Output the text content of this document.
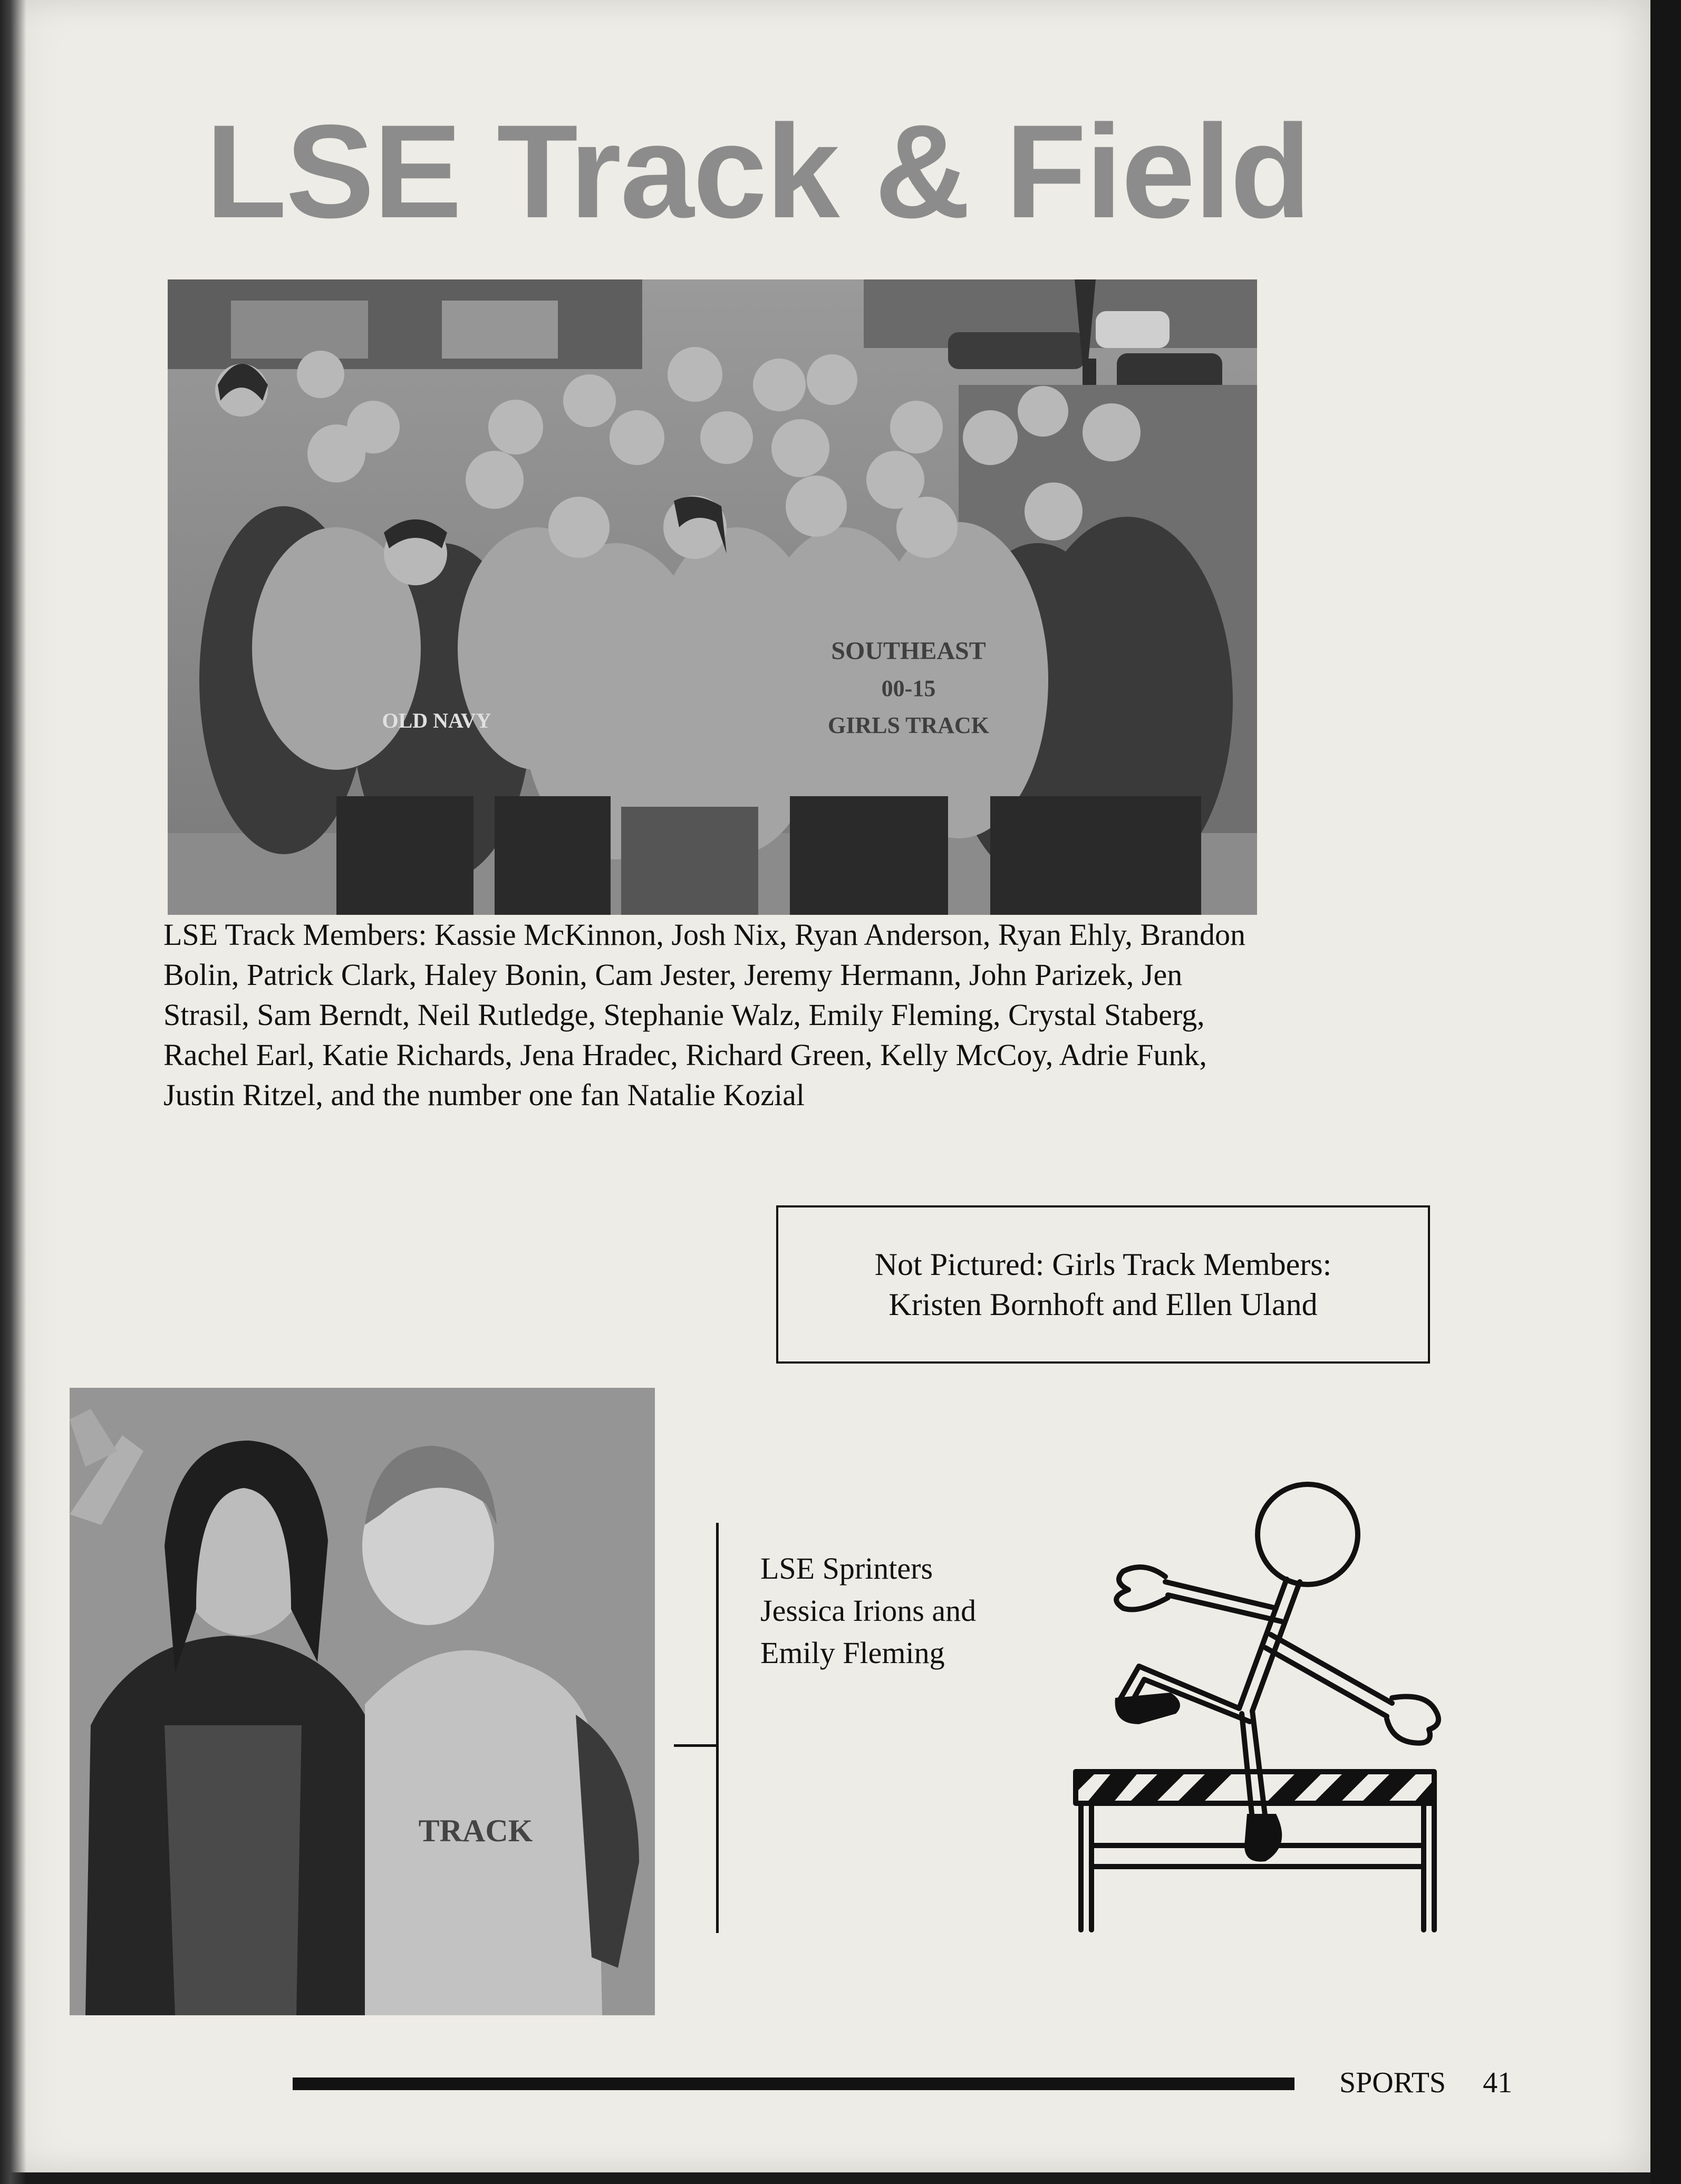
LSE Track & Field
SOUTHEAST
00-15
GIRLS TRACK
OLD NAVY
LSE Track Members: Kassie McKinnon, Josh Nix, Ryan Anderson, Ryan Ehly, Brandon Bolin, Patrick Clark, Haley Bonin, Cam Jester, Jeremy Hermann, John Parizek, Jen Strasil, Sam Berndt, Neil Rutledge, Stephanie Walz, Emily Fleming, Crystal Staberg, Rachel Earl, Katie Richards, Jena Hradec, Richard Green, Kelly McCoy, Adrie Funk, Justin Ritzel, and the number one fan Natalie Kozial
Not Pictured: Girls Track Members:
Kristen Bornhoft and Ellen Uland
TRACK
LSE Sprinters Jessica Irions and Emily Fleming
SPORTS 41
